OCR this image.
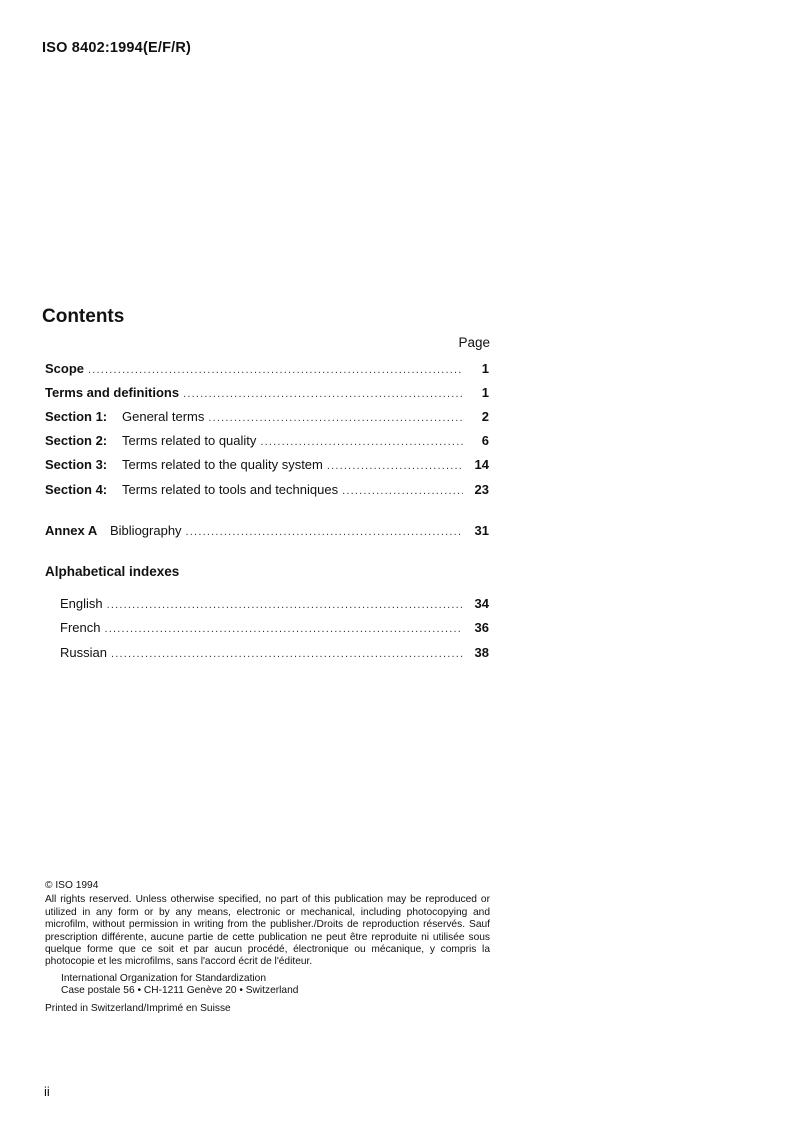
ISO 8402:1994(E/F/R)
Contents
Page
Scope .....	1
Terms and definitions .....	1
Section 1:	General terms .....	2
Section 2:	Terms related to quality .....	6
Section 3:	Terms related to the quality system .....	14
Section 4:	Terms related to tools and techniques .....	23
Annex A Bibliography .....	31
Alphabetical indexes
English .....	34
French .....	36
Russian .....	38
© ISO 1994
All rights reserved. Unless otherwise specified, no part of this publication may be reproduced or utilized in any form or by any means, electronic or mechanical, including photocopying and microfilm, without permission in writing from the publisher./Droits de reproduction réservés. Sauf prescription différente, aucune partie de cette publication ne peut être reproduite ni utilisée sous quelque forme que ce soit et par aucun procédé, électronique ou mécanique, y compris la photocopie et les microfilms, sans l'accord écrit de l'éditeur.
International Organization for Standardization
Case postale 56 • CH-1211 Genève 20 • Switzerland
Printed in Switzerland/Imprimé en Suisse
ii
